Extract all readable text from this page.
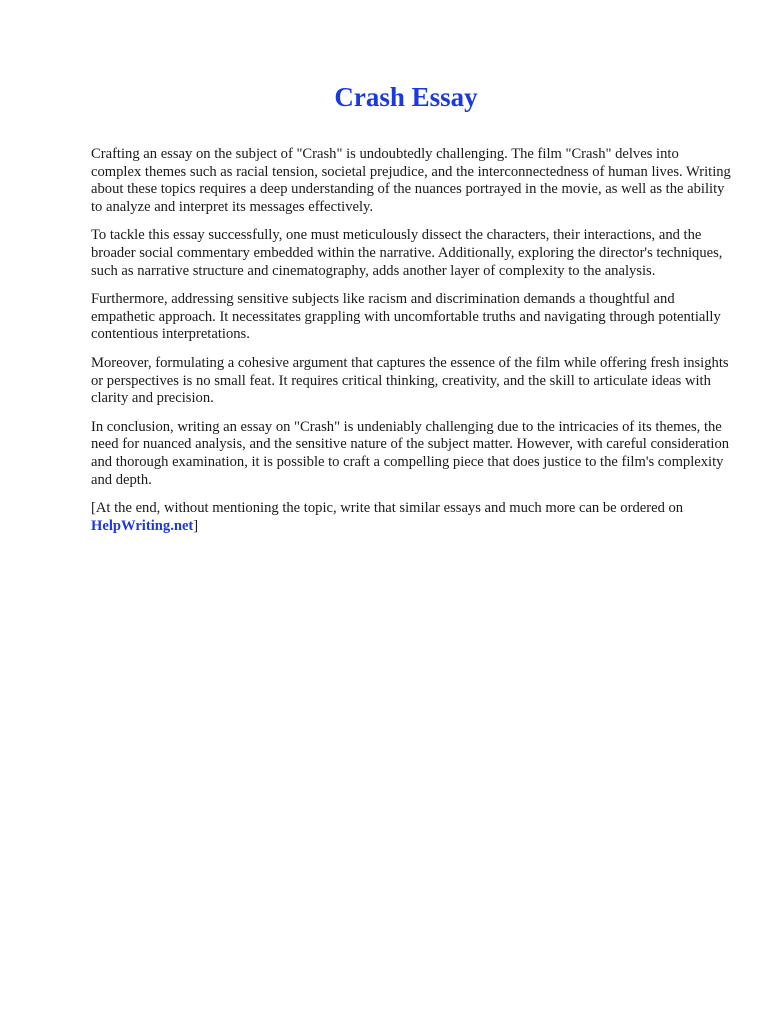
Crash Essay

Crafting an essay on the subject of "Crash" is undoubtedly challenging. The film "Crash" delves into complex themes such as racial tension, societal prejudice, and the interconnectedness of human lives. Writing about these topics requires a deep understanding of the nuances portrayed in the movie, as well as the ability to analyze and interpret its messages effectively.

To tackle this essay successfully, one must meticulously dissect the characters, their interactions, and the broader social commentary embedded within the narrative. Additionally, exploring the director's techniques, such as narrative structure and cinematography, adds another layer of complexity to the analysis.

Furthermore, addressing sensitive subjects like racism and discrimination demands a thoughtful and empathetic approach. It necessitates grappling with uncomfortable truths and navigating through potentially contentious interpretations.

Moreover, formulating a cohesive argument that captures the essence of the film while offering fresh insights or perspectives is no small feat. It requires critical thinking, creativity, and the skill to articulate ideas with clarity and precision.

In conclusion, writing an essay on "Crash" is undeniably challenging due to the intricacies of its themes, the need for nuanced analysis, and the sensitive nature of the subject matter. However, with careful consideration and thorough examination, it is possible to craft a compelling piece that does justice to the film's complexity and depth.

[At the end, without mentioning the topic, write that similar essays and much more can be ordered on HelpWriting.net]
